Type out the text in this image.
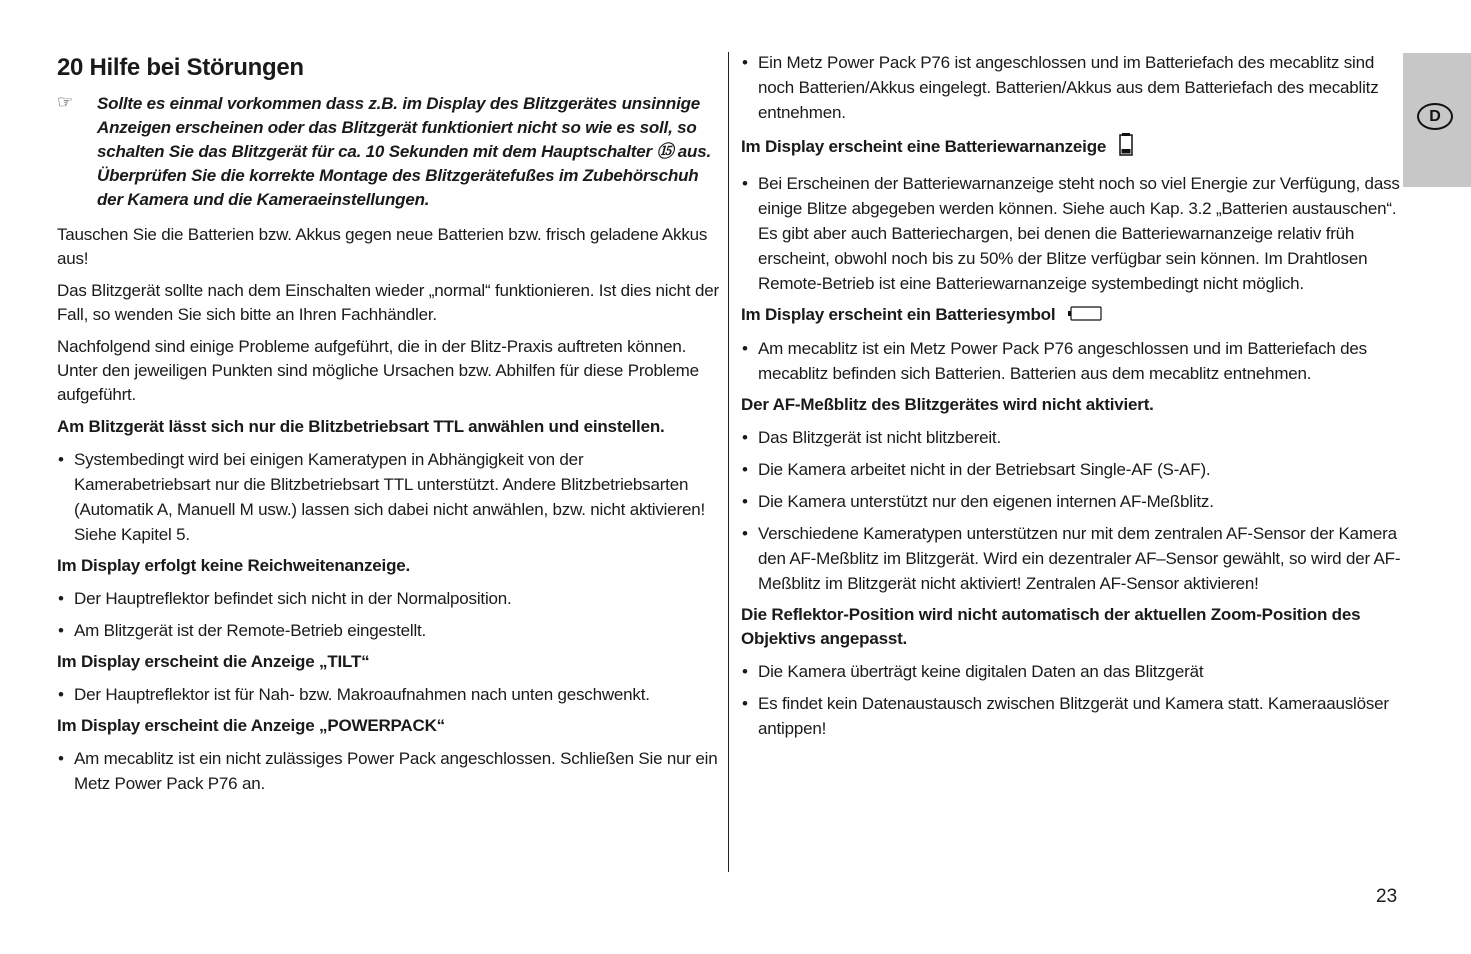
D
20 Hilfe bei Störungen
☞ Sollte es einmal vorkommen dass z.B. im Display des Blitzgerätes unsinnige Anzeigen erscheinen oder das Blitzgerät funktioniert nicht so wie es soll, so schalten Sie das Blitzgerät für ca. 10 Sekunden mit dem Hauptschalter ⑮ aus. Überprüfen Sie die korrekte Montage des Blitzgerätefußes im Zubehörschuh der Kamera und die Kameraeinstellungen.

Tauschen Sie die Batterien bzw. Akkus gegen neue Batterien bzw. frisch geladene Akkus aus!

Das Blitzgerät sollte nach dem Einschalten wieder „normal“ funktionieren. Ist dies nicht der Fall, so wenden Sie sich bitte an Ihren Fachhändler.

Nachfolgend sind einige Probleme aufgeführt, die in der Blitz-Praxis auftreten können. Unter den jeweiligen Punkten sind mögliche Ursachen bzw. Abhilfen für diese Probleme aufgeführt.

Am Blitzgerät lässt sich nur die Blitzbetriebsart TTL anwählen und einstellen.
• Systembedingt wird bei einigen Kameratypen in Abhängigkeit von der Kamerabetriebsart nur die Blitzbetriebsart TTL unterstützt. Andere Blitzbetriebsarten (Automatik A, Manuell M usw.) lassen sich dabei nicht anwählen, bzw. nicht aktivieren! Siehe Kapitel 5.
Im Display erfolgt keine Reichweitenanzeige.
• Der Hauptreflektor befindet sich nicht in der Normalposition.
• Am Blitzgerät ist der Remote-Betrieb eingestellt.
Im Display erscheint die Anzeige „TILT“
• Der Hauptreflektor ist für Nah- bzw. Makroaufnahmen nach unten geschwenkt.
Im Display erscheint die Anzeige „POWERPACK“
• Am mecablitz ist ein nicht zulässiges Power Pack angeschlossen. Schließen Sie nur ein Metz Power Pack P76 an.
• Ein Metz Power Pack P76 ist angeschlossen und im Batteriefach des mecablitz sind noch Batterien/Akkus eingelegt. Batterien/Akkus aus dem Batteriefach des mecablitz entnehmen.
Im Display erscheint eine Batteriewarnanzeige
• Bei Erscheinen der Batteriewarnanzeige steht noch so viel Energie zur Verfügung, dass einige Blitze abgegeben werden können. Siehe auch Kap. 3.2 „Batterien austauschen“. Es gibt aber auch Batteriechargen, bei denen die Batteriewarnanzeige relativ früh erscheint, obwohl noch bis zu 50% der Blitze verfügbar sein können. Im Drahtlosen Remote-Betrieb ist eine Batteriewarnanzeige systembedingt nicht möglich.
Im Display erscheint ein Batteriesymbol
• Am mecablitz ist ein Metz Power Pack P76 angeschlossen und im Batteriefach des mecablitz befinden sich Batterien. Batterien aus dem mecablitz entnehmen.
Der AF-Meßblitz des Blitzgerätes wird nicht aktiviert.
• Das Blitzgerät ist nicht blitzbereit.
• Die Kamera arbeitet nicht in der Betriebsart Single-AF (S-AF).
• Die Kamera unterstützt nur den eigenen internen AF-Meßblitz.
• Verschiedene Kameratypen unterstützen nur mit dem zentralen AF-Sensor der Kamera den AF-Meßblitz im Blitzgerät. Wird ein dezentraler AF–Sensor gewählt, so wird der AF-Meßblitz im Blitzgerät nicht aktiviert! Zentralen AF-Sensor aktivieren!
Die Reflektor-Position wird nicht automatisch der aktuellen Zoom-Position des Objektivs angepasst.
• Die Kamera überträgt keine digitalen Daten an das Blitzgerät
• Es findet kein Datenaustausch zwischen Blitzgerät und Kamera statt. Kameraauslöser antippen!
23
